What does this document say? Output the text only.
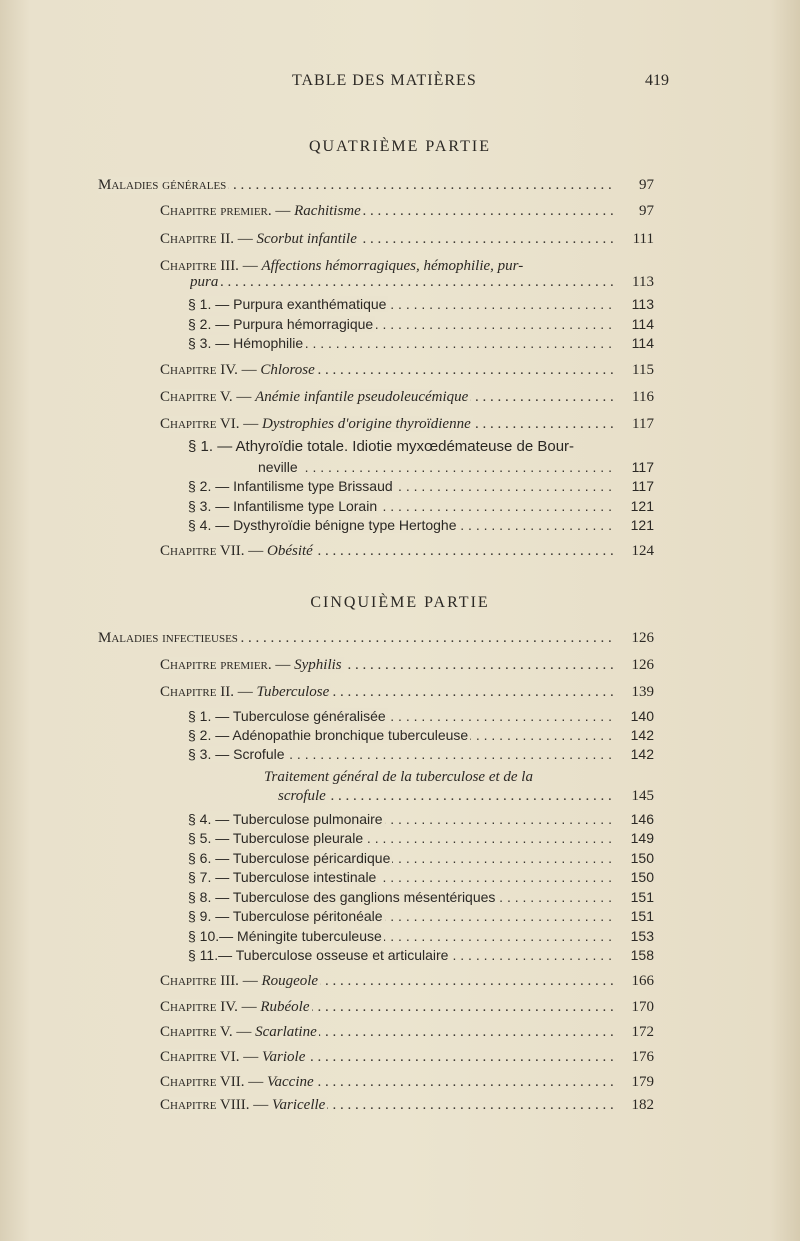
TABLE DES MATIÈRES	419
QUATRIÈME PARTIE
. . .
Maladies générales	97
. . .
Chapitre premier. — Rachitisme	97
. . .
Chapitre II. — Scorbut infantile	111
Chapitre III. — Affections hémorragiques, hémophilie, pur-
. . .
pura	113
. . .
§ 1. — Purpura exanthématique	113
. . .
§ 2. — Purpura hémorragique	114
. . .
§ 3. — Hémophilie	114
. . .
Chapitre IV. — Chlorose	115
. . .
Chapitre V. — Anémie infantile pseudoleucémique	116
. . .
Chapitre VI. — Dystrophies d'origine thyroïdienne	117
§ 1. — Athyroïdie totale. Idiotie myxœdémateuse de Bour-
. . .
neville	117
. . .
§ 2. — Infantilisme type Brissaud	117
. . .
§ 3. — Infantilisme type Lorain	121
. . .
§ 4. — Dysthyroïdie bénigne type Hertoghe	121
. . .
Chapitre VII. — Obésité	124
CINQUIÈME PARTIE
. . .
Maladies infectieuses	126
. . .
Chapitre premier. — Syphilis	126
. . .
Chapitre II. — Tuberculose	139
. . .
§ 1. — Tuberculose généralisée	140
. . .
§ 2. — Adénopathie bronchique tuberculeuse	142
. . .
§ 3. — Scrofule	142
Traitement général de la tuberculose et de la
. . .
scrofule	145
. . .
§ 4. — Tuberculose pulmonaire	146
. . .
§ 5. — Tuberculose pleurale	149
. . .
§ 6. — Tuberculose péricardique	150
. . .
§ 7. — Tuberculose intestinale	150
. . .
§ 8. — Tuberculose des ganglions mésentériques	151
. . .
§ 9. — Tuberculose péritonéale	151
. . .
§ 10.— Méningite tuberculeuse	153
. . .
§ 11.— Tuberculose osseuse et articulaire	158
. . .
Chapitre III. — Rougeole	166
. . .
Chapitre IV. — Rubéole	170
. . .
Chapitre V. — Scarlatine	172
. . .
Chapitre VI. — Variole	176
. . .
Chapitre VII. — Vaccine	179
. . .
Chapitre VIII. — Varicelle	182
